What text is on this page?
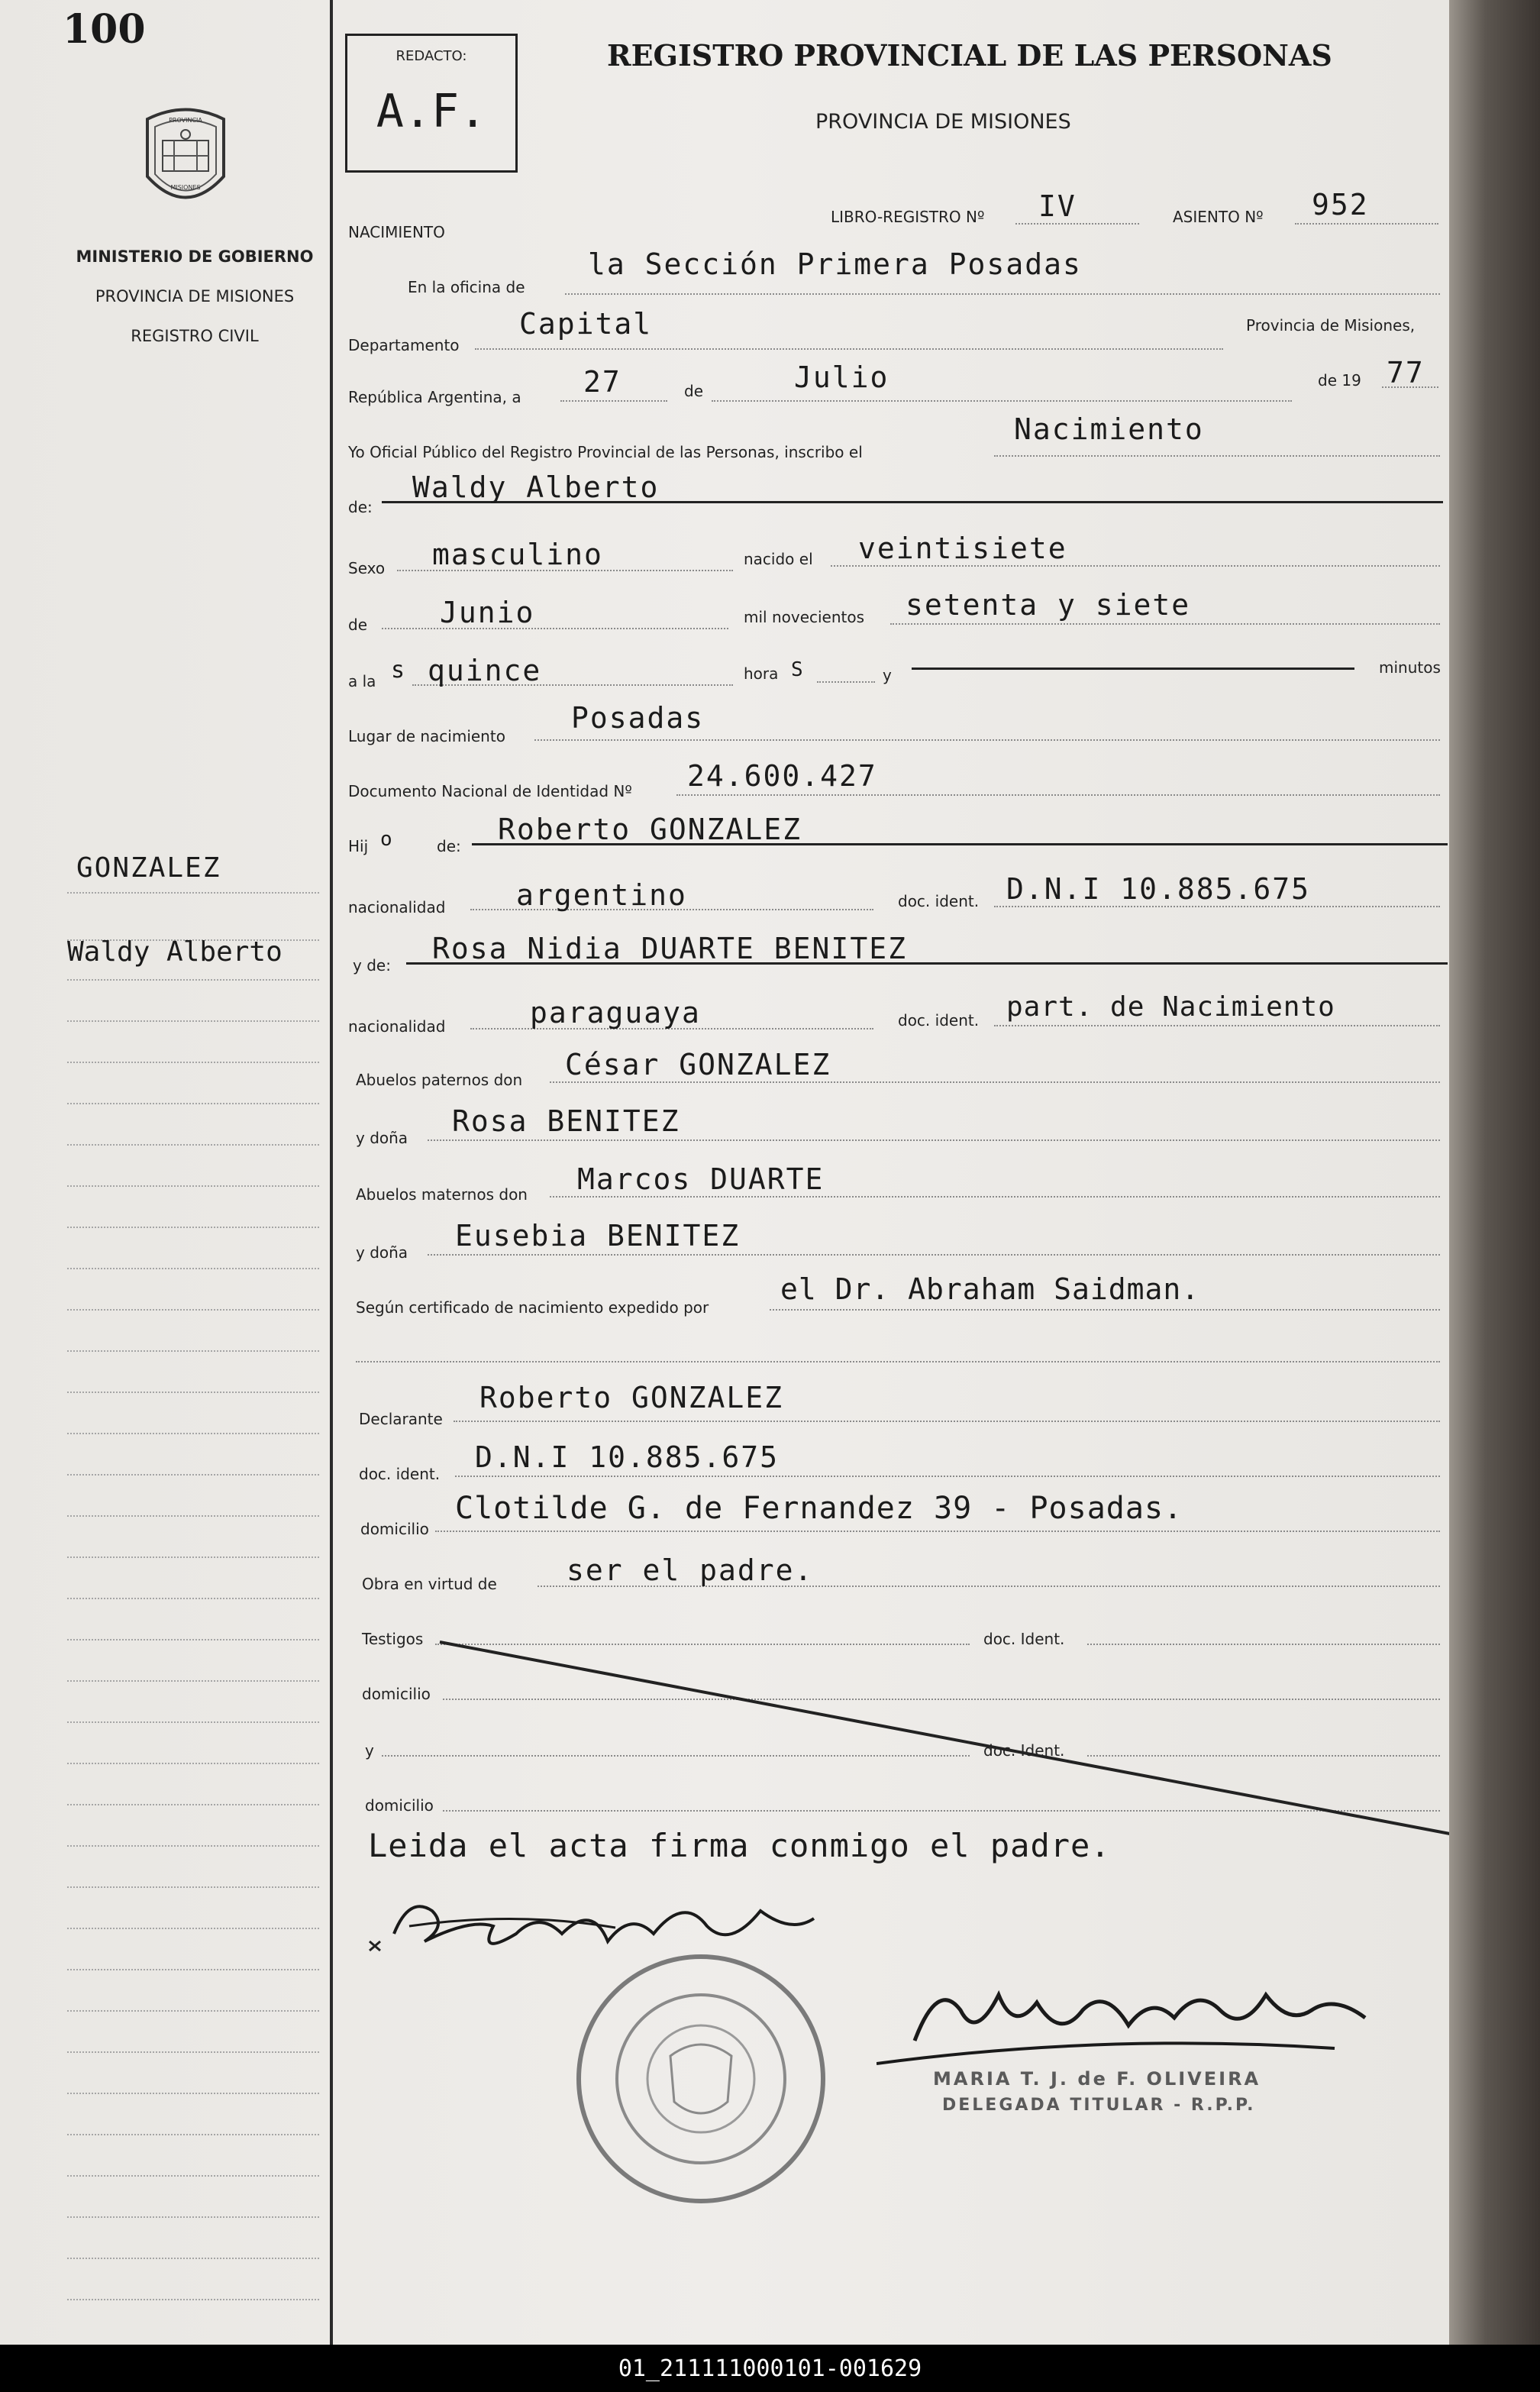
100
PROVINCIA
MISIONES
MINISTERIO DE GOBIERNO
PROVINCIA DE MISIONES
REGISTRO CIVIL
GONZALEZ
Waldy Alberto
REDACTO:
A.F.
REGISTRO PROVINCIAL DE LAS PERSONAS
PROVINCIA DE MISIONES
NACIMIENTO
LIBRO-REGISTRO Nº IV	ASIENTO Nº 952
En la oficina de
la Sección Primera Posadas
Departamento
Capital	Provincia de Misiones,
República Argentina, a 27	de	Julio	de 19 77
Yo Oficial Público del Registro Provincial de las Personas, inscribo el
Nacimiento
de:
Waldy Alberto
Sexo masculino	nacido el veintisiete
de	Junio	mil novecientos setenta y siete
a la s quince	hora S	y	minutos
Lugar de nacimiento
Posadas
Documento Nacional de Identidad Nº 24.600.427
Hij o	de: Roberto GONZALEZ
nacionalidad argentino	doc. ident. D.N.I 10.885.675
y de: Rosa Nidia DUARTE BENITEZ
nacionalidad	paraguaya	doc. ident. part. de Nacimiento
Abuelos paternos don César GONZALEZ
y doña Rosa BENITEZ
Abuelos maternos don Marcos DUARTE
y doña Eusebia BENITEZ
Según certificado de nacimiento expedido por
el Dr. Abraham Saidman.
Declarante
Roberto GONZALEZ
doc. ident. D.N.I 10.885.675
domicilio
Clotilde G. de Fernandez 39 - Posadas.
Obra en virtud de ser el padre.
Testigos	doc. Ident.
domicilio
y	doc. Ident.
domicilio
Leida el acta firma conmigo el padre.
MARIA T. J. de F. OLIVEIRA
DELEGADA TITULAR - R.P.P.
01_211111000101-001629
